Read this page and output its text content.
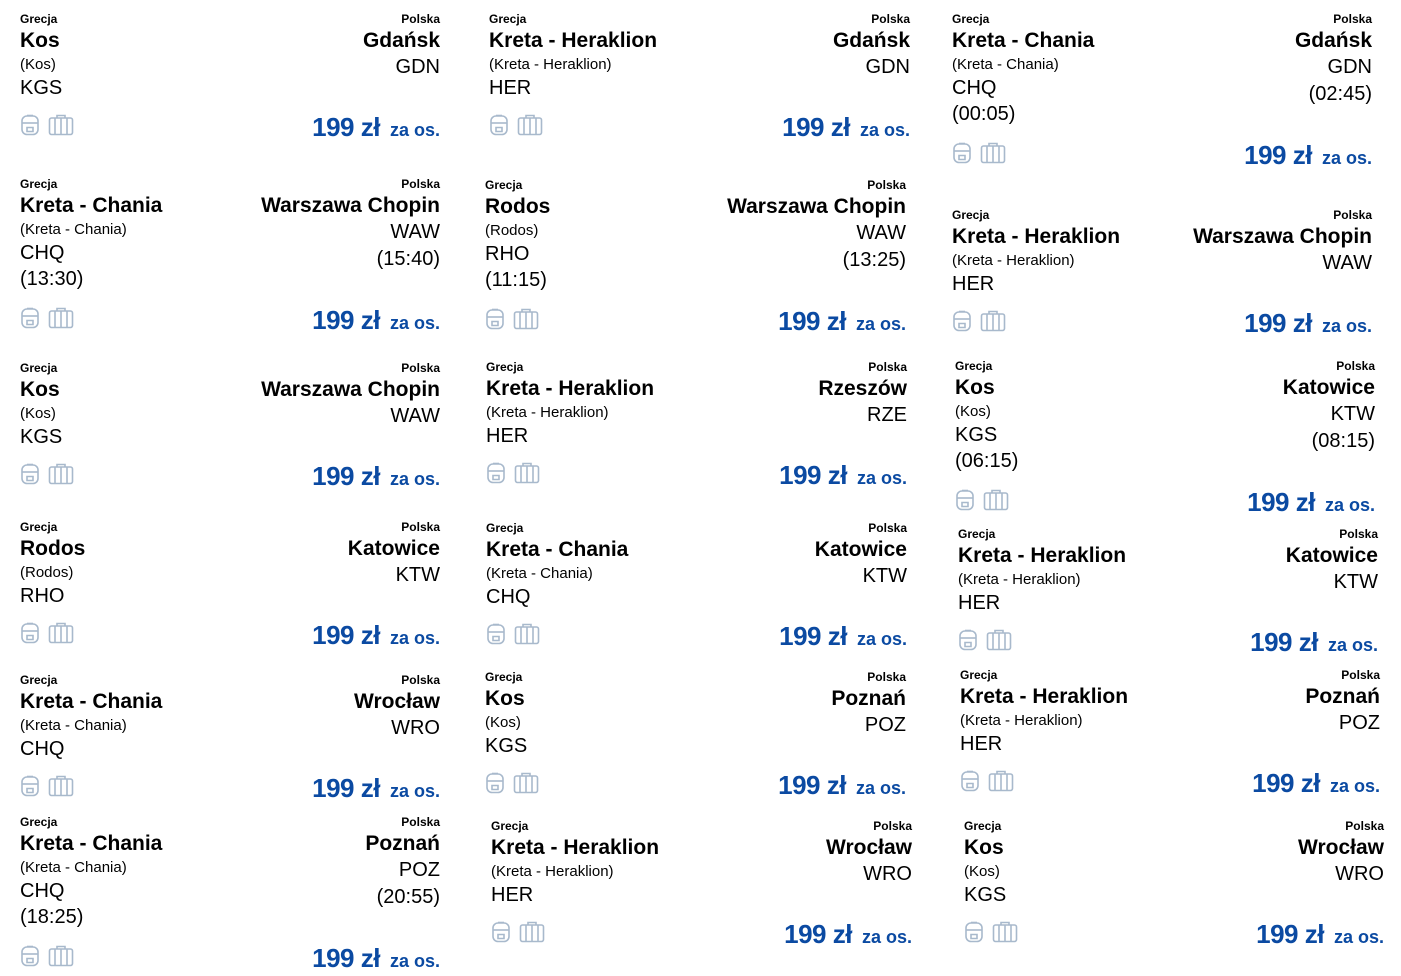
Grecja	Polska
Kos	Gdańsk
(Kos)	GDN
KGS
199 zł za os.
Grecja	Polska
Kreta - Heraklion	Gdańsk
(Kreta - Heraklion)	GDN
HER
199 zł za os.
Grecja	Polska
Kreta - Chania	Gdańsk
(Kreta - Chania)	GDN
CHQ	(02:45)
(00:05)
199 zł za os.
Grecja	Polska
Kreta - Chania	Warszawa Chopin
(Kreta - Chania)	WAW
CHQ	(15:40)
(13:30)
199 zł za os.
Grecja	Polska
Rodos	Warszawa Chopin
(Rodos)	WAW
RHO	(13:25)
(11:15)
199 zł za os.
Grecja	Polska
Kreta - Heraklion	Warszawa Chopin
(Kreta - Heraklion)	WAW
HER
199 zł za os.
Grecja	Polska
Kos	Warszawa Chopin
(Kos)	WAW
KGS
199 zł za os.
Grecja	Polska
Kreta - Heraklion	Rzeszów
(Kreta - Heraklion)	RZE
HER
199 zł za os.
Grecja	Polska
Kos	Katowice
(Kos)	KTW
KGS	(08:15)
(06:15)
199 zł za os.
Grecja	Polska
Rodos	Katowice
(Rodos)	KTW
RHO
199 zł za os.
Grecja	Polska
Kreta - Chania	Katowice
(Kreta - Chania)	KTW
CHQ
199 zł za os.
Grecja	Polska
Kreta - Heraklion	Katowice
(Kreta - Heraklion)	KTW
HER
199 zł za os.
Grecja	Polska
Kreta - Chania	Wrocław
(Kreta - Chania)	WRO
CHQ
199 zł za os.
Grecja	Polska
Kos	Poznań
(Kos)	POZ
KGS
199 zł za os.
Grecja	Polska
Kreta - Heraklion	Poznań
(Kreta - Heraklion)	POZ
HER
199 zł za os.
Grecja	Polska
Kreta - Chania	Poznań
(Kreta - Chania)	POZ
CHQ	(20:55)
(18:25)
199 zł za os.
Grecja	Polska
Kreta - Heraklion	Wrocław
(Kreta - Heraklion)	WRO
HER
199 zł za os.
Grecja	Polska
Kos	Wrocław
(Kos)	WRO
KGS
199 zł za os.
